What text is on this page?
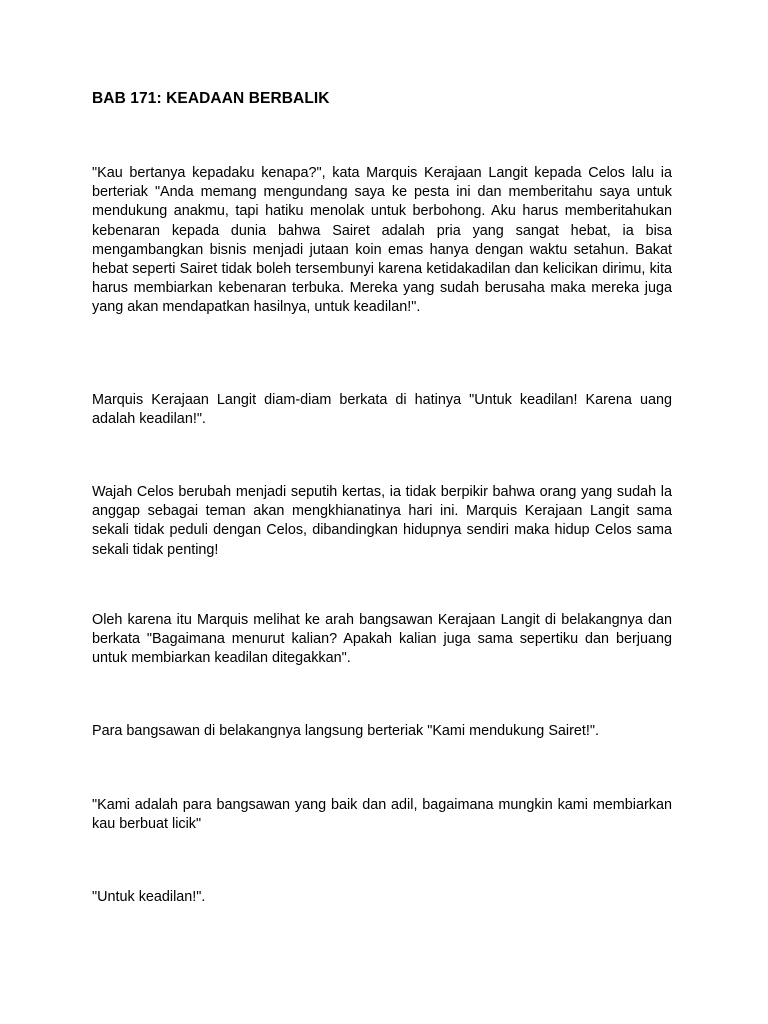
BAB 171: KEADAAN BERBALIK

"Kau bertanya kepadaku kenapa?", kata Marquis Kerajaan Langit kepada Celos lalu ia berteriak "Anda memang mengundang saya ke pesta ini dan memberitahu saya untuk mendukung anakmu, tapi hatiku menolak untuk berbohong. Aku harus memberitahukan kebenaran kepada dunia bahwa Sairet adalah pria yang sangat hebat, ia bisa mengambangkan bisnis menjadi jutaan koin emas hanya dengan waktu setahun. Bakat hebat seperti Sairet tidak boleh tersembunyi karena ketidakadilan dan kelicikan dirimu, kita harus membiarkan kebenaran terbuka. Mereka yang sudah berusaha maka mereka juga yang akan mendapatkan hasilnya, untuk keadilan!".

Marquis Kerajaan Langit diam-diam berkata di hatinya "Untuk keadilan! Karena uang adalah keadilan!".

Wajah Celos berubah menjadi seputih kertas, ia tidak berpikir bahwa orang yang sudah la anggap sebagai teman akan mengkhianatinya hari ini. Marquis Kerajaan Langit sama sekali tidak peduli dengan Celos, dibandingkan hidupnya sendiri maka hidup Celos sama sekali tidak penting!

Oleh karena itu Marquis melihat ke arah bangsawan Kerajaan Langit di belakangnya dan berkata "Bagaimana menurut kalian? Apakah kalian juga sama sepertiku dan berjuang untuk membiarkan keadilan ditegakkan".

Para bangsawan di belakangnya langsung berteriak "Kami mendukung Sairet!".

"Kami adalah para bangsawan yang baik dan adil, bagaimana mungkin kami membiarkan kau berbuat licik"

"Untuk keadilan!".
